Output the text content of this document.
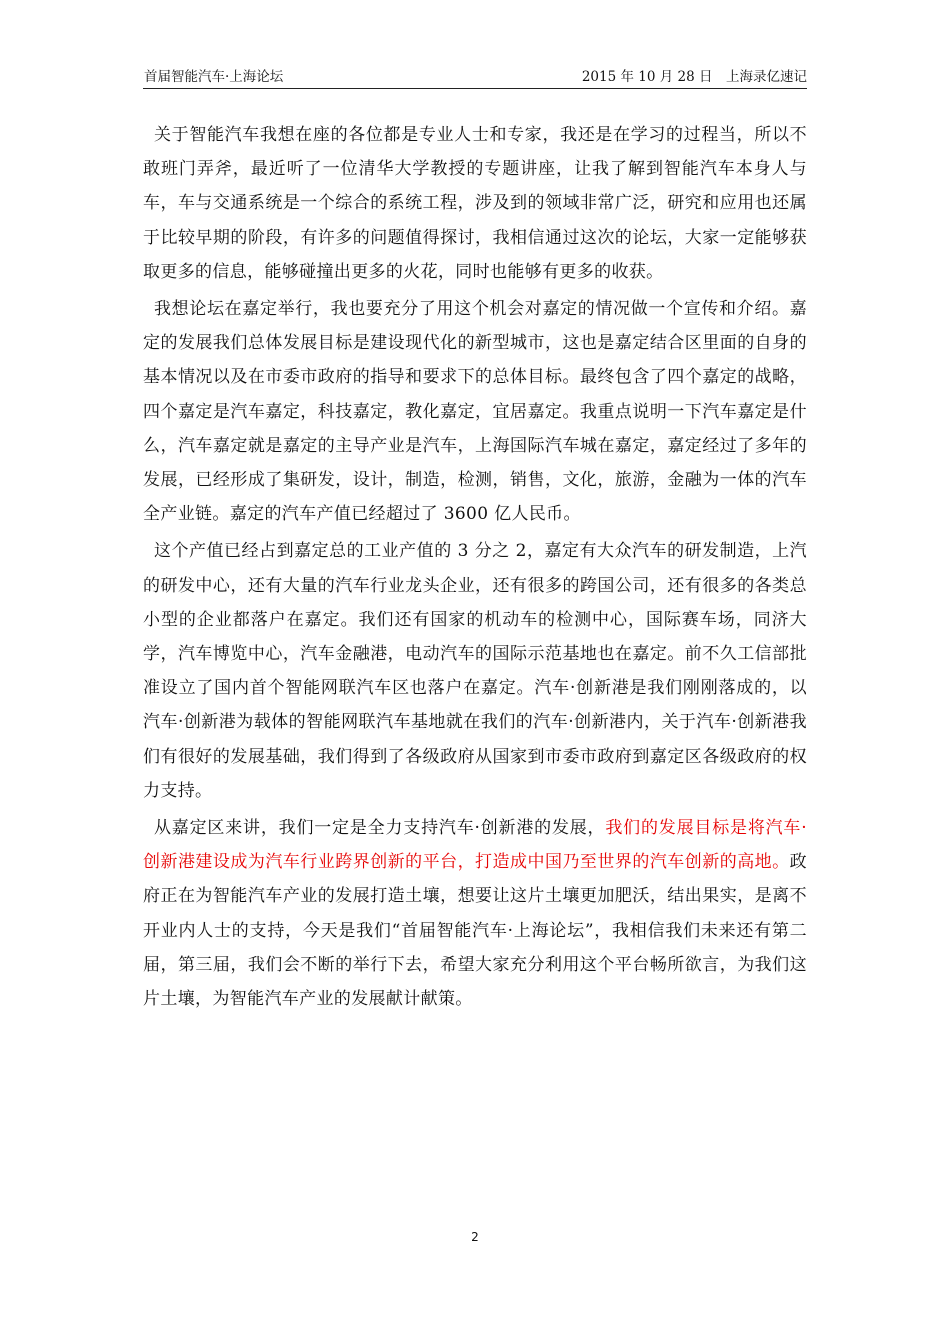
首届智能汽车·上海论坛	2015 年 10 月 28 日　上海录亿速记

关于智能汽车我想在座的各位都是专业人士和专家，我还是在学习的过程当，所以不敢班门弄斧，最近听了一位清华大学教授的专题讲座，让我了解到智能汽车本身人与车，车与交通系统是一个综合的系统工程，涉及到的领域非常广泛，研究和应用也还属于比较早期的阶段，有许多的问题值得探讨，我相信通过这次的论坛，大家一定能够获取更多的信息，能够碰撞出更多的火花，同时也能够有更多的收获。

我想论坛在嘉定举行，我也要充分了用这个机会对嘉定的情况做一个宣传和介绍。嘉定的发展我们总体发展目标是建设现代化的新型城市，这也是嘉定结合区里面的自身的基本情况以及在市委市政府的指导和要求下的总体目标。最终包含了四个嘉定的战略，四个嘉定是汽车嘉定，科技嘉定，教化嘉定，宜居嘉定。我重点说明一下汽车嘉定是什么，汽车嘉定就是嘉定的主导产业是汽车，上海国际汽车城在嘉定，嘉定经过了多年的发展，已经形成了集研发，设计，制造，检测，销售，文化，旅游，金融为一体的汽车全产业链。嘉定的汽车产值已经超过了 3600 亿人民币。

这个产值已经占到嘉定总的工业产值的 3 分之 2，嘉定有大众汽车的研发制造，上汽的研发中心，还有大量的汽车行业龙头企业，还有很多的跨国公司，还有很多的各类总小型的企业都落户在嘉定。我们还有国家的机动车的检测中心，国际赛车场，同济大学，汽车博览中心，汽车金融港，电动汽车的国际示范基地也在嘉定。前不久工信部批准设立了国内首个智能网联汽车区也落户在嘉定。汽车·创新港是我们刚刚落成的，以汽车·创新港为载体的智能网联汽车基地就在我们的汽车·创新港内，关于汽车·创新港我们有很好的发展基础，我们得到了各级政府从国家到市委市政府到嘉定区各级政府的权力支持。

从嘉定区来讲，我们一定是全力支持汽车·创新港的发展，我们的发展目标是将汽车·创新港建设成为汽车行业跨界创新的平台，打造成中国乃至世界的汽车创新的高地。政府正在为智能汽车产业的发展打造土壤，想要让这片土壤更加肥沃，结出果实，是离不开业内人士的支持，今天是我们“首届智能汽车·上海论坛”，我相信我们未来还有第二届，第三届，我们会不断的举行下去，希望大家充分利用这个平台畅所欲言，为我们这片土壤，为智能汽车产业的发展献计献策。

2
